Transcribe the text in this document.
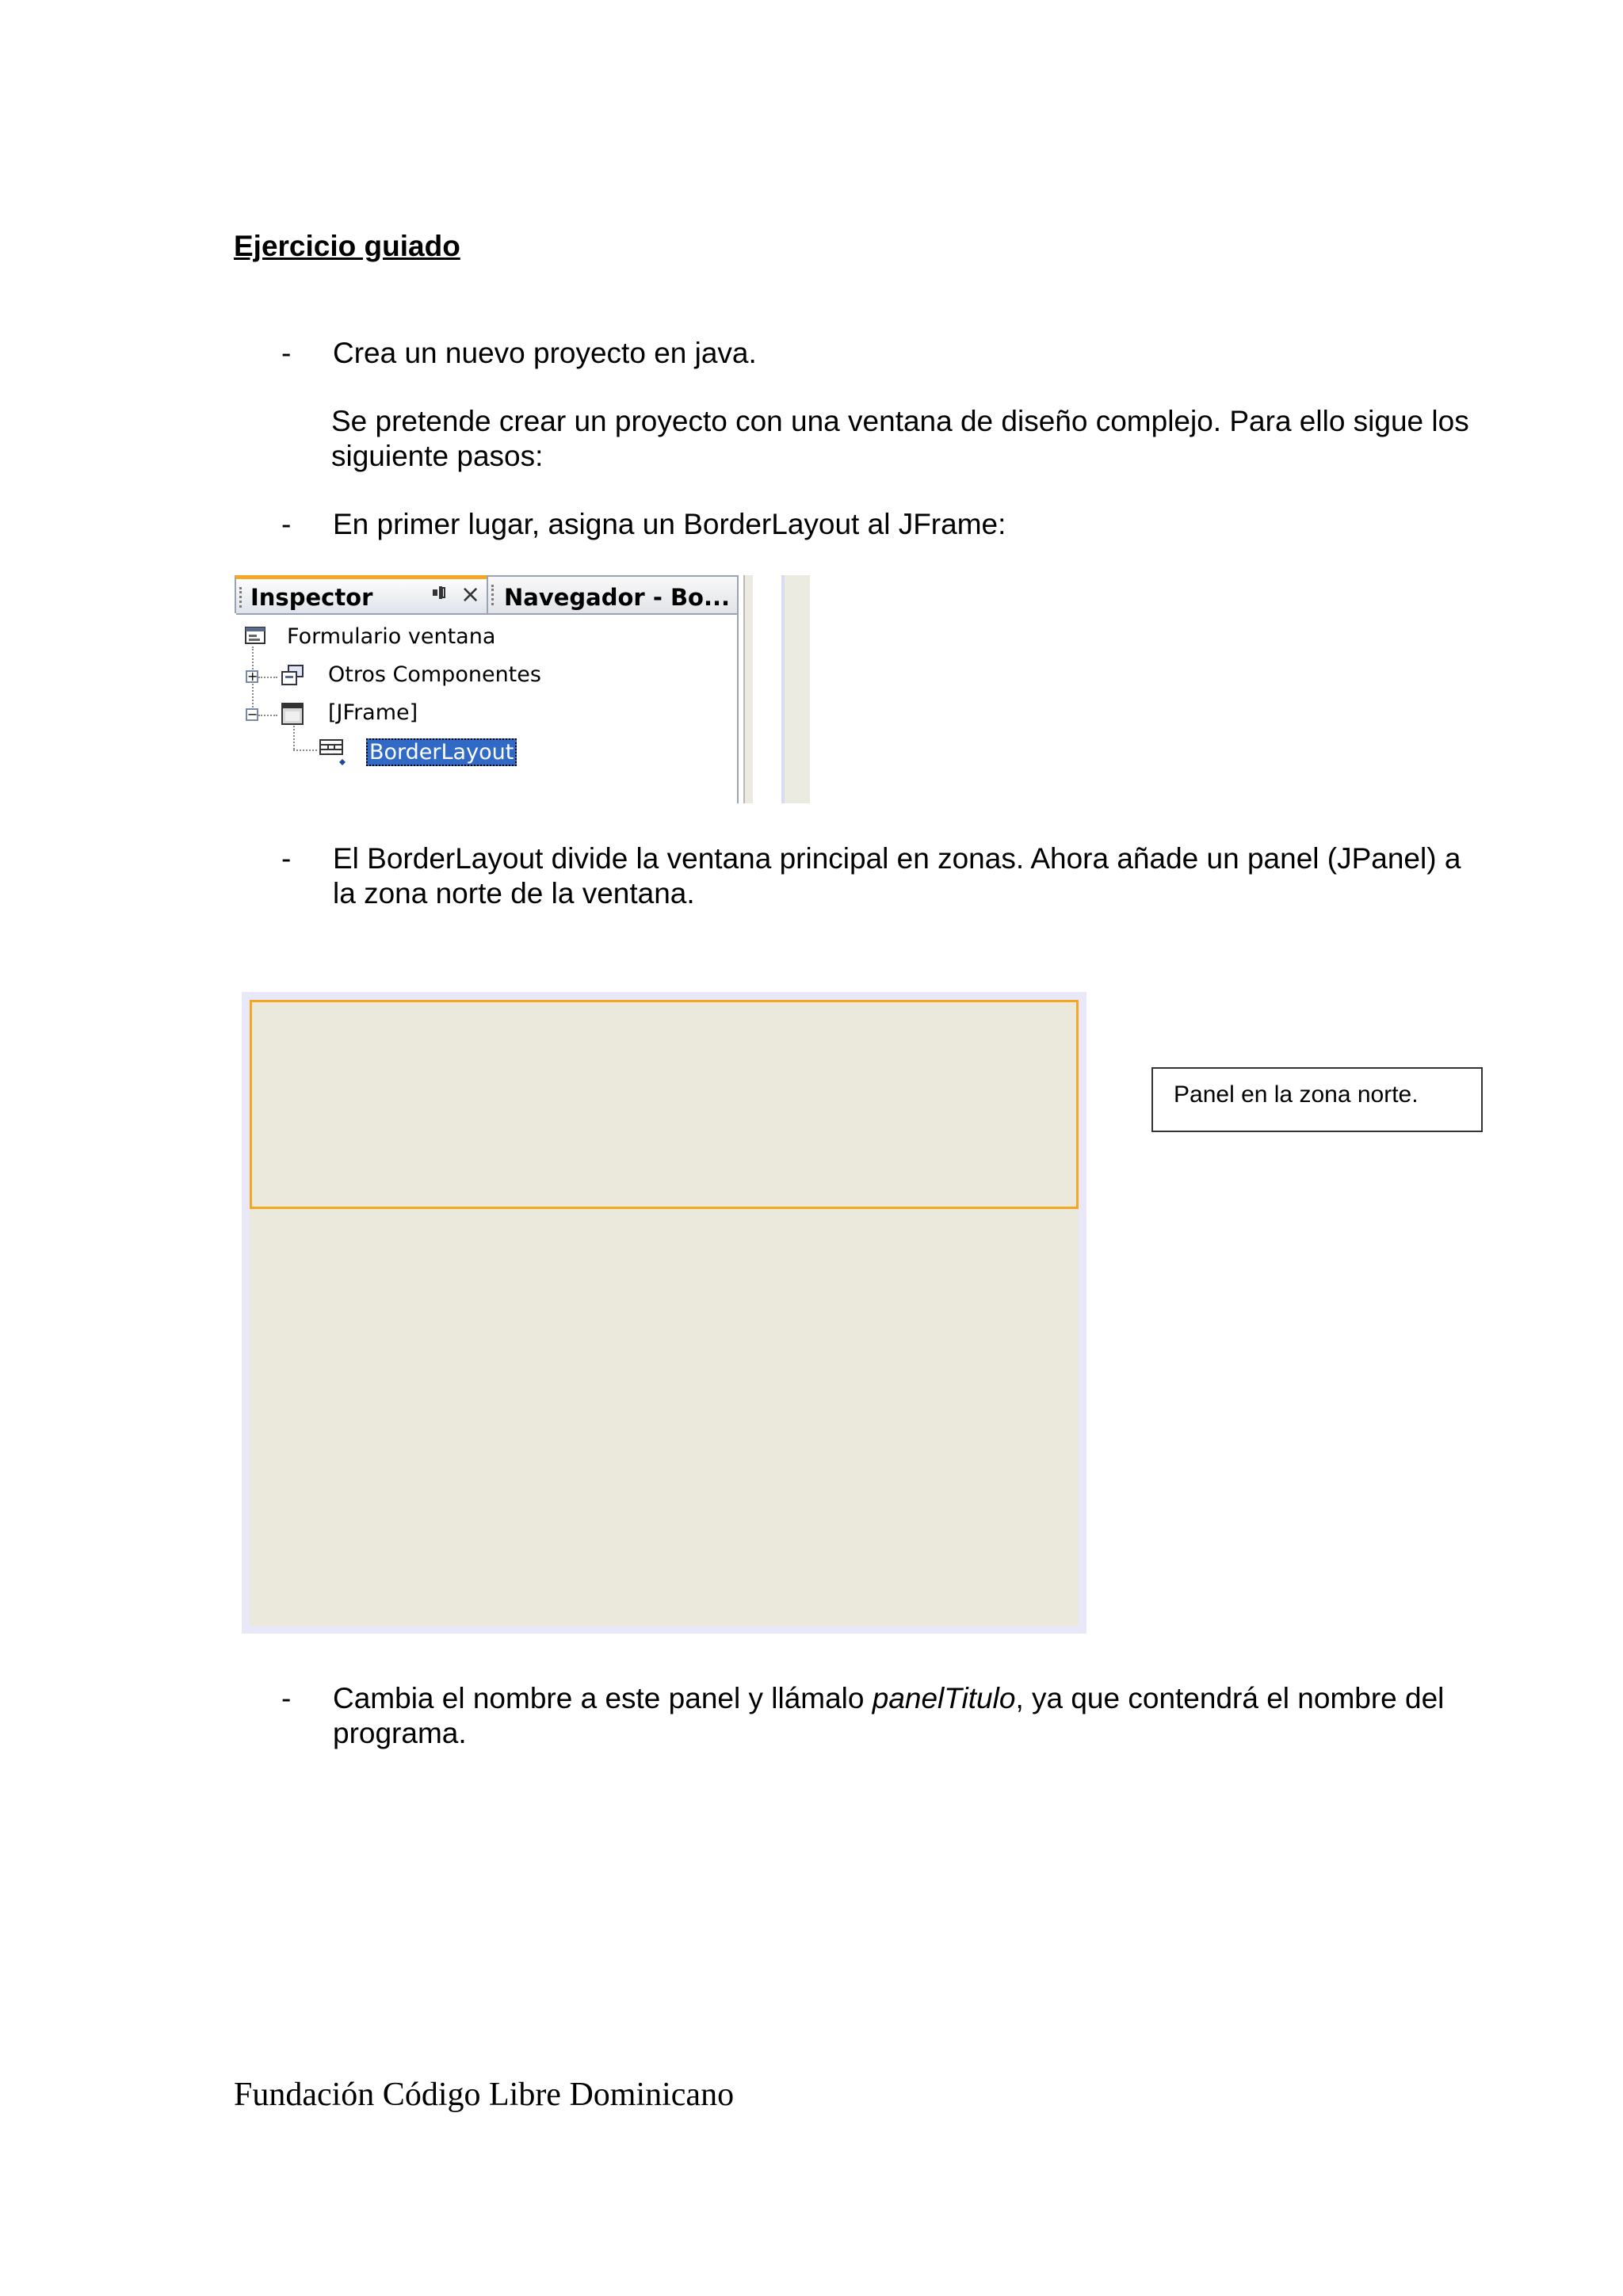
Ejercicio guiado
- Crea un nuevo proyecto en java.
Se pretende crear un proyecto con una ventana de diseño complejo. Para ello sigue los siguiente pasos:
- En primer lugar, asigna un BorderLayout al JFrame:
Inspector	× Navegador - Bo...
Formulario ventana
+	Otros Componentes
−	[JFrame]
BorderLayout
- El BorderLayout divide la ventana principal en zonas. Ahora añade un panel (JPanel) a la zona norte de la ventana.
Panel en la zona norte.
- Cambia el nombre a este panel y llámalo panelTitulo, ya que contendrá el nombre del programa.
Fundación Código Libre Dominicano
